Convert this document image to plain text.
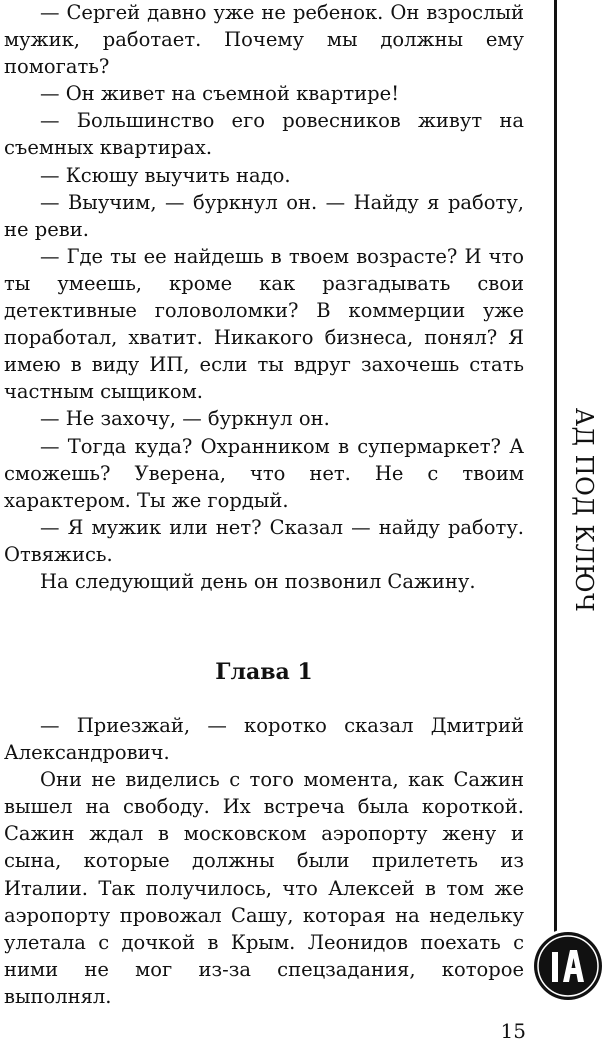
— Сергей давно уже не ребенок. Он взрослый мужик, работает. Почему мы должны ему помогать?

— Он живет на съемной квартире!

— Большинство его ровесников живут на съемных квартирах.

— Ксюшу выучить надо.

— Выучим, — буркнул он. — Найду я работу, не реви.

— Где ты ее найдешь в твоем возрасте? И что ты умеешь, кроме как разгадывать свои детективные головоломки? В коммерции уже поработал, хватит. Никакого бизнеса, понял? Я имею в виду ИП, если ты вдруг захочешь стать частным сыщиком.

— Не захочу, — буркнул он.

— Тогда куда? Охранником в супермаркет? А сможешь? Уверена, что нет. Не с твоим характером. Ты же гордый.

— Я мужик или нет? Сказал — найду работу. Отвяжись.

На следующий день он позвонил Сажину.

Глава 1

— Приезжай, — коротко сказал Дмитрий Александрович.

Они не виделись с того момента, как Сажин вышел на свободу. Их встреча была короткой. Сажин ждал в московском аэропорту жену и сына, которые должны были прилететь из Италии. Так получилось, что Алексей в том же аэропорту провожал Сашу, которая на недельку улетала с дочкой в Крым. Леонидов поехать с ними не мог из-за спецзадания, которое выполнял.

АД ПОД КЛЮЧ
15
